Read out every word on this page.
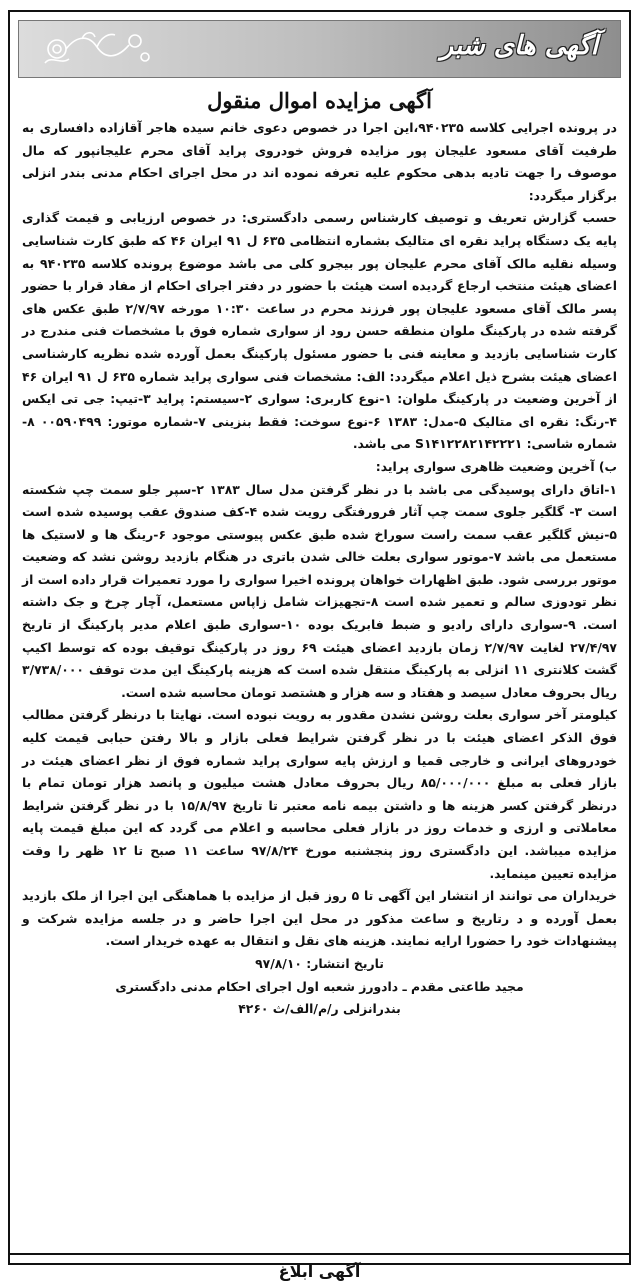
آگهی های شبر
آگهی مزایده اموال منقول

در پرونده اجرایی کلاسه ۹۴۰۲۳۵،این اجرا در خصوص دعوی خانم سیده هاجر آقازاده دافساری به طرفیت آقای مسعود علیجان پور مزایده فروش خودروی پراید آقای محرم علیجانپور که مال موصوف را جهت تادیه بدهی محکوم علیه تعرفه نموده اند در محل اجرای احکام مدنی بندر انزلی برگزار میگردد:

حسب گزارش تعریف و توصیف کارشناس رسمی دادگستری: در خصوص ارزیابی و قیمت گذاری پایه یک دستگاه پراید نقره ای متالیک بشماره انتظامی ۶۳۵ ل ۹۱ ایران ۴۶ که طبق کارت شناسایی وسیله نقلیه مالک آقای محرم علیجان پور بیجرو کلی می باشد موضوع پرونده کلاسه ۹۴۰۲۳۵ به اعضای هیئت منتخب ارجاع گردیده است هیئت با حضور در دفتر اجرای احکام از مفاد قرار با حضور پسر مالک آقای مسعود علیجان پور فرزند محرم در ساعت ۱۰:۳۰ مورخه ۲/۷/۹۷ طبق عکس های گرفته شده در پارکینگ ملوان منطقه حسن رود از سواری شماره فوق با مشخصات فنی مندرج در کارت شناسایی بازدید و معاینه فنی با حضور مسئول پارکینگ بعمل آورده شده نظریه کارشناسی اعضای هیئت بشرح ذیل اعلام میگردد: الف: مشخصات فنی سواری پراید شماره ۶۳۵ ل ۹۱ ایران ۴۶ از آخرین وضعیت در پارکینگ ملوان: ۱-نوع کاربری: سواری ۲-سیستم: پراید ۳-تیپ: جی تی ایکس ۴-رنگ: نقره ای متالیک ۵-مدل: ۱۳۸۳ ۶-نوع سوخت: فقط بنزینی ۷-شماره موتور: ۰۰۵۹۰۴۹۹ ۸-شماره شاسی: S۱۴۱۲۲۸۲۱۴۲۲۲۱ می باشد.

ب) آخرین وضعیت ظاهری سواری پراید:

۱-اتاق دارای پوسیدگی می باشد با در نظر گرفتن مدل سال ۱۳۸۳ ۲-سپر جلو سمت چپ شکسته است ۳- گلگیر جلوی سمت چپ آثار فرورفتگی رویت شده ۴-کف صندوق عقب پوسیده شده است ۵-نیش گلگیر عقب سمت راست سوراخ شده طبق عکس پیوستی موجود ۶-رینگ ها و لاستیک ها مستعمل می باشد ۷-موتور سواری بعلت خالی شدن باتری در هنگام بازدید روشن نشد که وضعیت موتور بررسی شود. طبق اظهارات خواهان پرونده اخیرا سواری را مورد تعمیرات قرار داده است از نظر تودوزی سالم و تعمیر شده است ۸-تجهیزات شامل زاپاس مستعمل، آچار چرخ و جک داشته است. ۹-سواری دارای رادیو و ضبط فابریک بوده ۱۰-سواری طبق اعلام مدیر پارکینگ از تاریخ ۲۷/۴/۹۷ لغایت ۲/۷/۹۷ زمان بازدید اعضای هیئت ۶۹ روز در پارکینگ توقیف بوده که توسط اکیپ گشت کلانتری ۱۱ انزلی به پارکینگ منتقل شده است که هزینه پارکینگ این مدت توقف ۳/۷۳۸/۰۰۰ ریال بحروف معادل سیصد و هفتاد و سه هزار و هشتصد تومان محاسبه شده است.

کیلومتر آخر سواری بعلت روشن نشدن مقدور به رویت نبوده است. نهایتا با درنظر گرفتن مطالب فوق الذکر اعضای هیئت با در نظر گرفتن شرایط فعلی بازار و بالا رفتن حبابی قیمت کلیه خودروهای ایرانی و خارجی قمیا و ارزش پایه سواری پراید شماره فوق از نظر اعضای هیئت در بازار فعلی به مبلغ ۸۵/۰۰۰/۰۰۰ ریال بحروف معادل هشت میلیون و پانصد هزار تومان تمام با درنظر گرفتن کسر هزینه ها و داشتن بیمه نامه معتبر تا تاریخ ۱۵/۸/۹۷ با در نظر گرفتن شرایط معاملاتی و ارزی و خدمات روز در بازار فعلی محاسبه و اعلام می گردد که این مبلغ قیمت پایه مزایده میباشد. این دادگستری روز پنجشنبه مورخ ۹۷/۸/۲۴ ساعت ۱۱ صبح تا ۱۲ ظهر را وقت مزایده تعیین مینماید.

خریداران می توانند از انتشار این آگهی تا ۵ روز قبل از مزایده با هماهنگی این اجرا از ملک بازدید بعمل آورده و د رتاریخ و ساعت مذکور در محل این اجرا حاضر و در جلسه مزایده شرکت و پیشنهادات خود را حضورا ارایه نمایند. هزینه های نقل و انتقال به عهده خریدار است.

تاریخ انتشار: ۹۷/۸/۱۰
مجید طاعتی مقدم ـ دادورز شعبه اول اجرای احکام مدنی دادگستری
بندرانزلی ر/م/الف/ث ۴۲۶۰
آگهی ابلاغ
